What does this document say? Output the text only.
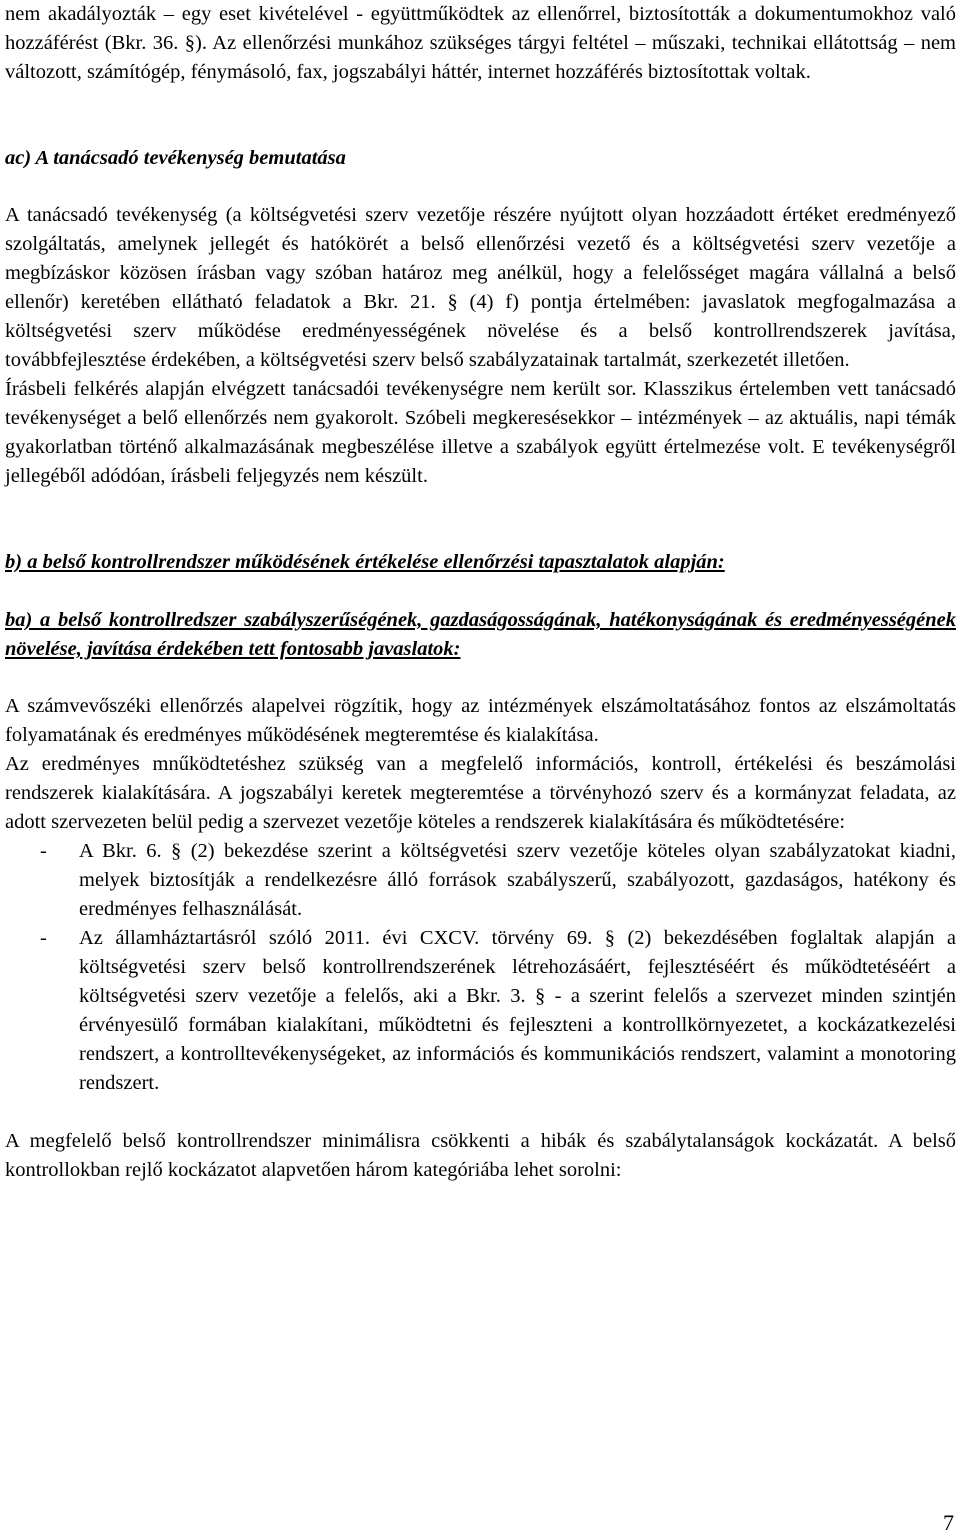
nem akadályozták – egy eset kivételével - együttműködtek az ellenőrrel, biztosították a dokumentumokhoz való hozzáférést (Bkr. 36. §). Az ellenőrzési munkához szükséges tárgyi feltétel – műszaki, technikai ellátottság – nem változott, számítógép, fénymásoló, fax, jogszabályi háttér, internet hozzáférés biztosítottak voltak.

ac) A tanácsadó tevékenység bemutatása

A tanácsadó tevékenység (a költségvetési szerv vezetője részére nyújtott olyan hozzáadott értéket eredményező szolgáltatás, amelynek jellegét és hatókörét a belső ellenőrzési vezető és a költségvetési szerv vezetője a megbízáskor közösen írásban vagy szóban határoz meg anélkül, hogy a felelősséget magára vállalná a belső ellenőr) keretében ellátható feladatok a Bkr. 21. § (4) f) pontja értelmében: javaslatok megfogalmazása a költségvetési szerv működése eredményességének növelése és a belső kontrollrendszerek javítása, továbbfejlesztése érdekében, a költségvetési szerv belső szabályzatainak tartalmát, szerkezetét illetően.

Írásbeli felkérés alapján elvégzett tanácsadói tevékenységre nem került sor. Klasszikus értelemben vett tanácsadó tevékenységet a belő ellenőrzés nem gyakorolt. Szóbeli megkeresésekkor – intézmények – az aktuális, napi témák gyakorlatban történő alkalmazásának megbeszélése illetve a szabályok együtt értelmezése volt. E tevékenységről jellegéből adódóan, írásbeli feljegyzés nem készült.

b) a belső kontrollrendszer működésének értékelése ellenőrzési tapasztalatok alapján:

ba) a belső kontrollredszer szabályszerűségének, gazdaságosságának, hatékonyságának és eredményességének növelése, javítása érdekében tett fontosabb javaslatok:

A számvevőszéki ellenőrzés alapelvei rögzítik, hogy az intézmények elszámoltatásához fontos az elszámoltatás folyamatának és eredményes működésének megteremtése és kialakítása.

Az eredményes mnűködtetéshez szükség van a megfelelő információs, kontroll, értékelési és beszámolási rendszerek kialakítására. A jogszabályi keretek megteremtése a törvényhozó szerv és a kormányzat feladata, az adott szervezeten belül pedig a szervezet vezetője köteles a rendszerek kialakítására és működtetésére:

- A Bkr. 6. § (2) bekezdése szerint a költségvetési szerv vezetője köteles olyan szabályzatokat kiadni, melyek biztosítják a rendelkezésre álló források szabályszerű, szabályozott, gazdaságos, hatékony és eredményes felhasználását.
- Az államháztartásról szóló 2011. évi CXCV. törvény 69. § (2) bekezdésében foglaltak alapján a költségvetési szerv belső kontrollrendszerének létrehozásáért, fejlesztéséért és működtetéséért a költségvetési szerv vezetője a felelős, aki a Bkr. 3. § - a szerint felelős a szervezet minden szintjén érvényesülő formában kialakítani, működtetni és fejleszteni a kontrollkörnyezetet, a kockázatkezelési rendszert, a kontrolltevékenységeket, az információs és kommunikációs rendszert, valamint a monotoring rendszert.

A megfelelő belső kontrollrendszer minimálisra csökkenti a hibák és szabálytalanságok kockázatát. A belső kontrollokban rejlő kockázatot alapvetően három kategóriába lehet sorolni:

7
